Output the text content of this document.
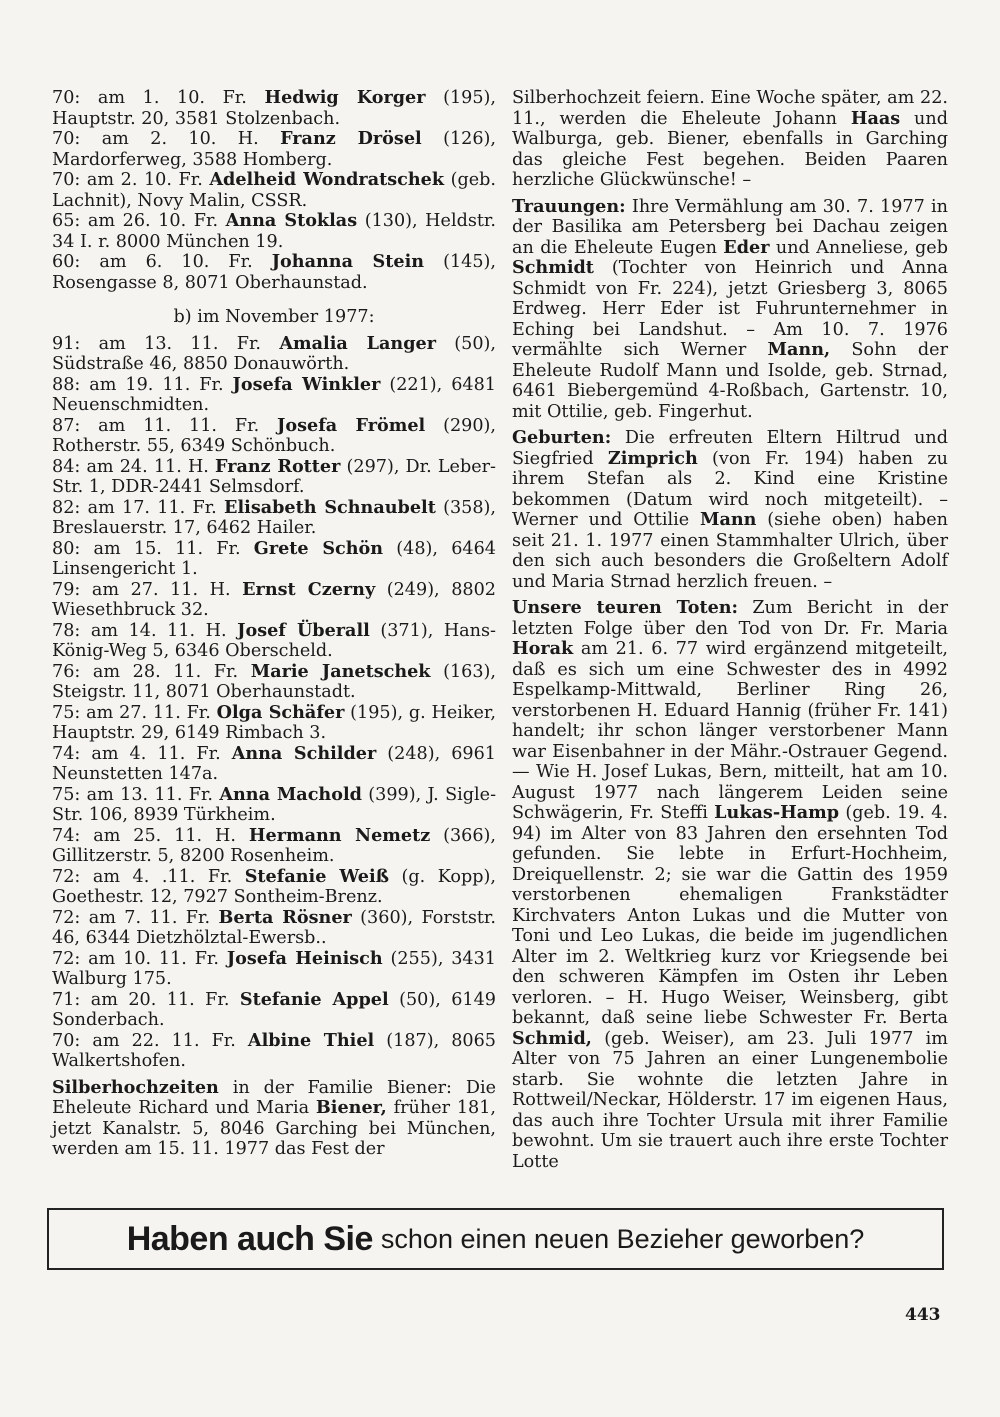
70: am 1. 10. Fr. Hedwig Korger (195), Hauptstr. 20, 3581 Stolzenbach.

70: am 2. 10. H. Franz Drösel (126), Mardorferweg, 3588 Homberg.

70: am 2. 10. Fr. Adelheid Wondratschek (geb. Lachnit), Novy Malin, CSSR.

65: am 26. 10. Fr. Anna Stoklas (130), Heldstr. 34 I. r. 8000 München 19.

60: am 6. 10. Fr. Johanna Stein (145), Rosengasse 8, 8071 Oberhaunstad.

b) im November 1977:

91: am 13. 11. Fr. Amalia Langer (50), Südstraße 46, 8850 Donauwörth.

88: am 19. 11. Fr. Josefa Winkler (221), 6481 Neuenschmidten.

87: am 11. 11. Fr. Josefa Frömel (290), Rotherstr. 55, 6349 Schönbuch.

84: am 24. 11. H. Franz Rotter (297), Dr. Leber-Str. 1, DDR-2441 Selmsdorf.

82: am 17. 11. Fr. Elisabeth Schnaubelt (358), Breslauerstr. 17, 6462 Hailer.

80: am 15. 11. Fr. Grete Schön (48), 6464 Linsengericht 1.

79: am 27. 11. H. Ernst Czerny (249), 8802 Wiesethbruck 32.

78: am 14. 11. H. Josef Überall (371), Hans-König-Weg 5, 6346 Oberscheld.

76: am 28. 11. Fr. Marie Janetschek (163), Steigstr. 11, 8071 Oberhaunstadt.

75: am 27. 11. Fr. Olga Schäfer (195), g. Heiker, Hauptstr. 29, 6149 Rimbach 3.

74: am 4. 11. Fr. Anna Schilder (248), 6961 Neunstetten 147a.

75: am 13. 11. Fr. Anna Machold (399), J. Sigle-Str. 106, 8939 Türkheim.

74: am 25. 11. H. Hermann Nemetz (366), Gillitzerstr. 5, 8200 Rosenheim.

72: am 4. .11. Fr. Stefanie Weiß (g. Kopp), Goethestr. 12, 7927 Sontheim-Brenz.

72: am 7. 11. Fr. Berta Rösner (360), Forststr. 46, 6344 Dietzhölztal-Ewersb..

72: am 10. 11. Fr. Josefa Heinisch (255), 3431 Walburg 175.

71: am 20. 11. Fr. Stefanie Appel (50), 6149 Sonderbach.

70: am 22. 11. Fr. Albine Thiel (187), 8065 Walkertshofen.

Silberhochzeiten in der Familie Biener: Die Eheleute Richard und Maria Biener, früher 181, jetzt Kanalstr. 5, 8046 Garching bei München, werden am 15. 11. 1977 das Fest der

Silberhochzeit feiern. Eine Woche später, am 22. 11., werden die Eheleute Johann Haas und Walburga, geb. Biener, ebenfalls in Garching das gleiche Fest begehen. Beiden Paaren herzliche Glückwünsche! –

Trauungen: Ihre Vermählung am 30. 7. 1977 in der Basilika am Petersberg bei Dachau zeigen an die Eheleute Eugen Eder und Anneliese, geb Schmidt (Tochter von Heinrich und Anna Schmidt von Fr. 224), jetzt Griesberg 3, 8065 Erdweg. Herr Eder ist Fuhrunternehmer in Eching bei Landshut. – Am 10. 7. 1976 vermählte sich Werner Mann, Sohn der Eheleute Rudolf Mann und Isolde, geb. Strnad, 6461 Biebergemünd 4-Roßbach, Gartenstr. 10, mit Ottilie, geb. Fingerhut.

Geburten: Die erfreuten Eltern Hiltrud und Siegfried Zimprich (von Fr. 194) haben zu ihrem Stefan als 2. Kind eine Kristine bekommen (Datum wird noch mitgeteilt). – Werner und Ottilie Mann (siehe oben) haben seit 21. 1. 1977 einen Stammhalter Ulrich, über den sich auch besonders die Großeltern Adolf und Maria Strnad herzlich freuen. –

Unsere teuren Toten: Zum Bericht in der letzten Folge über den Tod von Dr. Fr. Maria Horak am 21. 6. 77 wird ergänzend mitgeteilt, daß es sich um eine Schwester des in 4992 Espelkamp-Mittwald, Berliner Ring 26, verstorbenen H. Eduard Hannig (früher Fr. 141) handelt; ihr schon länger verstorbener Mann war Eisenbahner in der Mähr.-Ostrauer Gegend. — Wie H. Josef Lukas, Bern, mitteilt, hat am 10. August 1977 nach längerem Leiden seine Schwägerin, Fr. Steffi Lukas-Hamp (geb. 19. 4. 94) im Alter von 83 Jahren den ersehnten Tod gefunden. Sie lebte in Erfurt-Hochheim, Dreiquellenstr. 2; sie war die Gattin des 1959 verstorbenen ehemaligen Frankstädter Kirchvaters Anton Lukas und die Mutter von Toni und Leo Lukas, die beide im jugendlichen Alter im 2. Weltkrieg kurz vor Kriegsende bei den schweren Kämpfen im Osten ihr Leben verloren. – H. Hugo Weiser, Weinsberg, gibt bekannt, daß seine liebe Schwester Fr. Berta Schmid, (geb. Weiser), am 23. Juli 1977 im Alter von 75 Jahren an einer Lungenembolie starb. Sie wohnte die letzten Jahre in Rottweil/Neckar, Hölderstr. 17 im eigenen Haus, das auch ihre Tochter Ursula mit ihrer Familie bewohnt. Um sie trauert auch ihre erste Tochter Lotte

Haben auch Sie schon einen neuen Bezieher geworben?
443
